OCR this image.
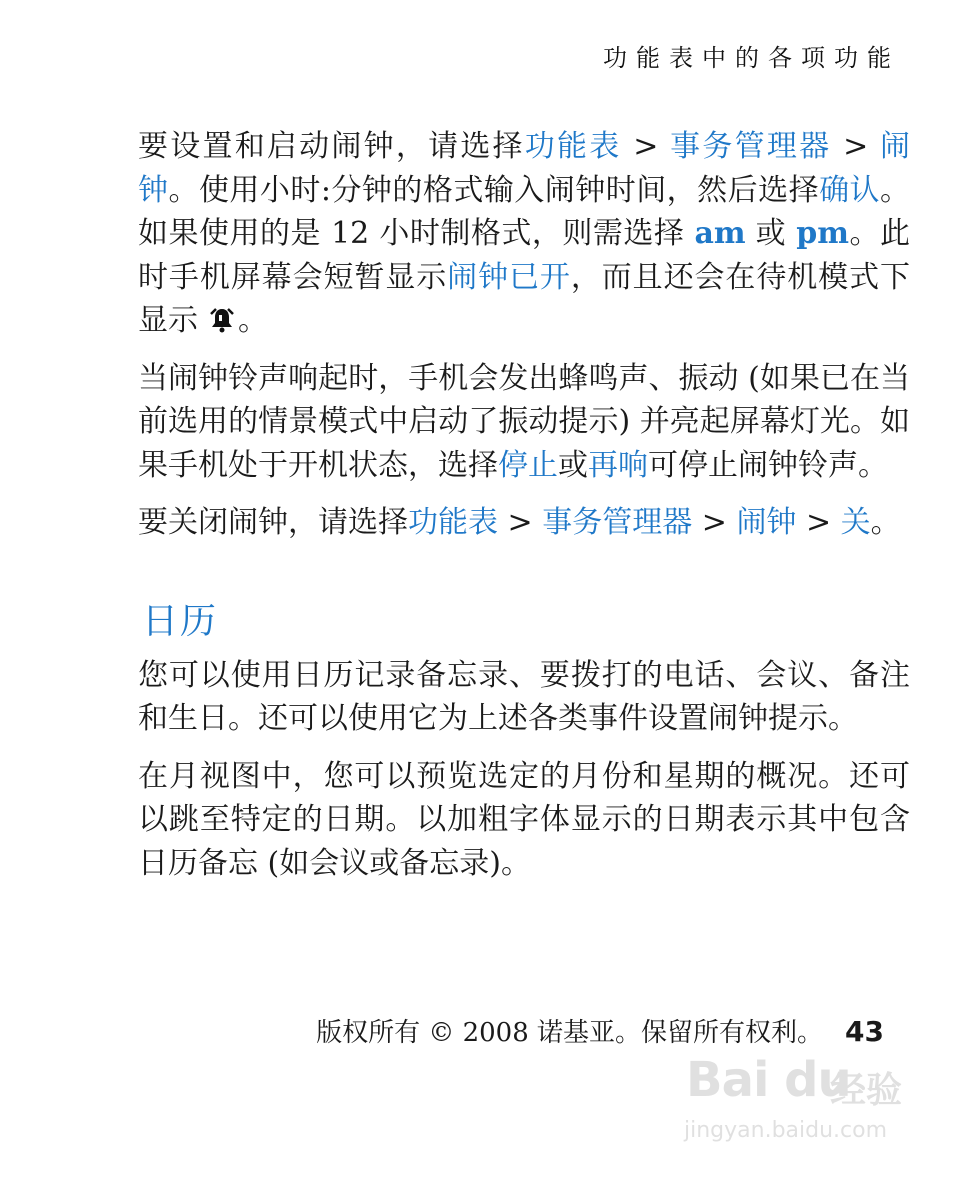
功能表中的各项功能

要设置和启动闹钟，请选择功能表 > 事务管理器 > 闹钟。使用小时:分钟的格式输入闹钟时间，然后选择确认。如果使用的是 12 小时制格式，则需选择 am 或 pm。此时手机屏幕会短暂显示闹钟已开，而且还会在待机模式下显示 。

当闹钟铃声响起时，手机会发出蜂鸣声、振动 (如果已在当前选用的情景模式中启动了振动提示) 并亮起屏幕灯光。如果手机处于开机状态，选择停止或再响可停止闹钟铃声。

要关闭闹钟，请选择功能表 > 事务管理器 > 闹钟 > 关。

日历

您可以使用日历记录备忘录、要拨打的电话、会议、备注和生日。还可以使用它为上述各类事件设置闹钟提示。

在月视图中，您可以预览选定的月份和星期的概况。还可以跳至特定的日期。以加粗字体显示的日期表示其中包含日历备忘 (如会议或备忘录)。

版权所有 © 2008 诺基亚。保留所有权利。 43
Bai du
经验
jingyan.baidu.com
